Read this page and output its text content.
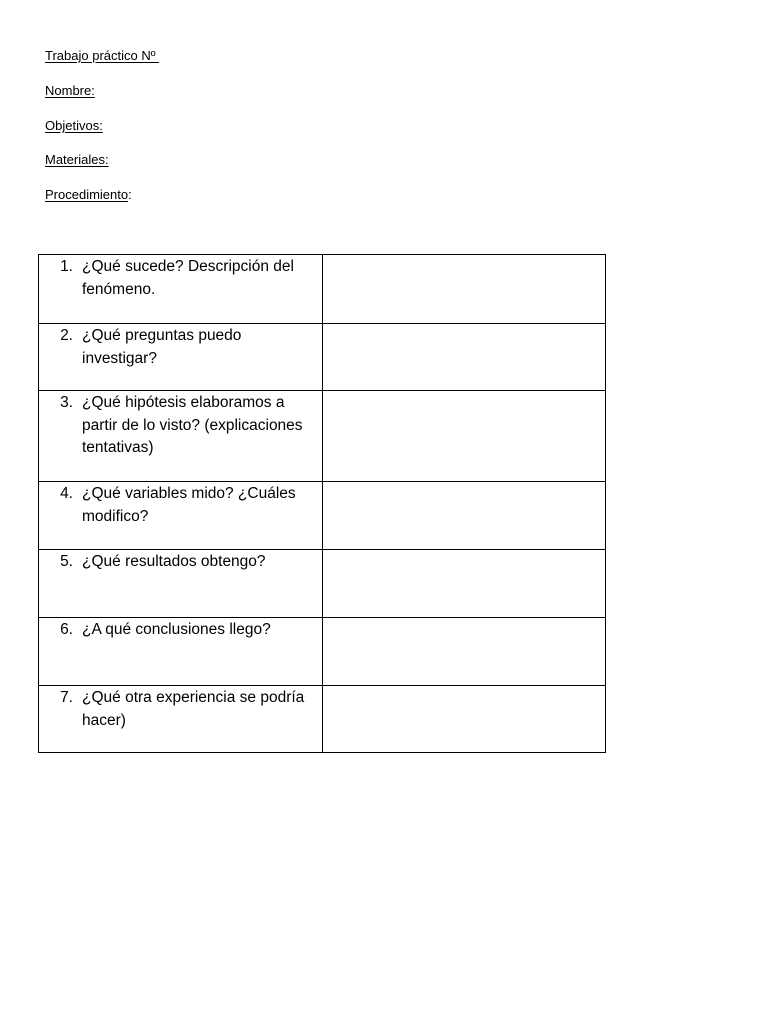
Trabajo práctico Nº
Nombre:
Objetivos:
Materiales:
Procedimiento:
1. ¿Qué sucede? Descripción del fenómeno.	

2. ¿Qué preguntas puedo investigar?	

3. ¿Qué hipótesis elaboramos a partir de lo visto? (explicaciones tentativas)	

4. ¿Qué variables mido? ¿Cuáles modifico?	

5. ¿Qué resultados obtengo?	

6. ¿A qué conclusiones llego?	

7. ¿Qué otra experiencia se podría hacer)	
